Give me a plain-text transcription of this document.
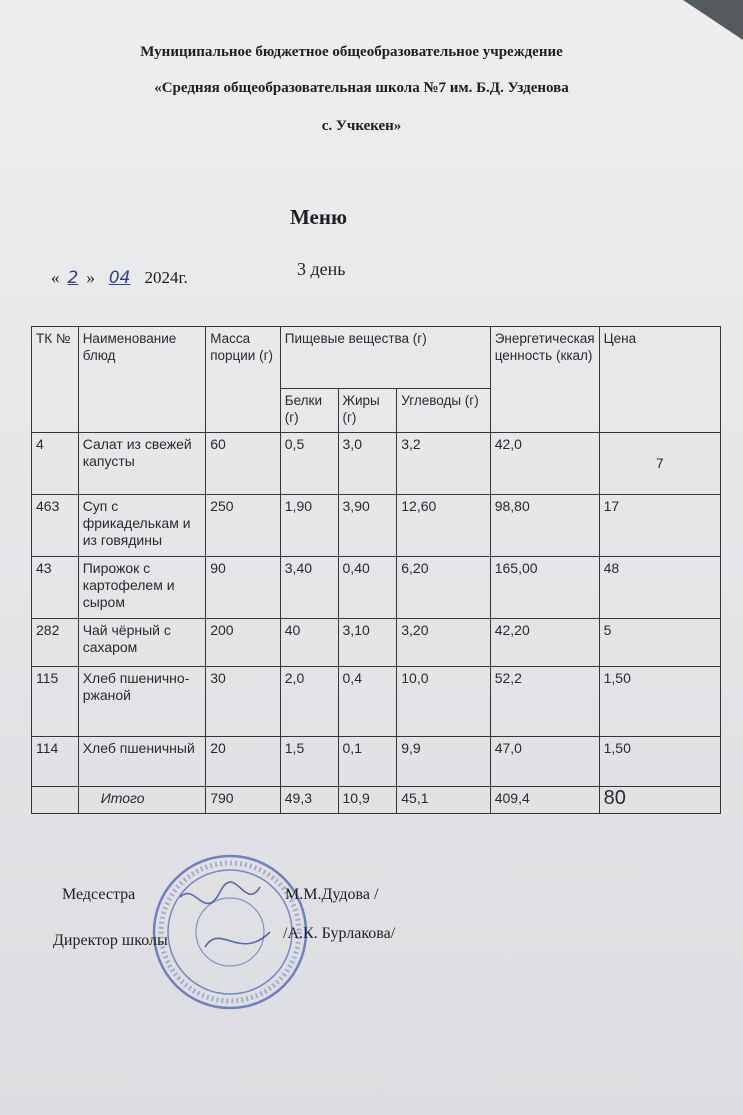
Муниципальное бюджетное общеобразовательное учреждение
«Средняя общеобразовательная школа №7 им. Б.Д. Узденова
с. Учкекен»
Меню
3 день
« 2 » 04 2024г.
ТК №	Наименование блюд	Масса порции (г)	Пищевые вещества (г)			Энергетическая ценность (ккал)	Цена
			Белки (г)	Жиры (г)	Углеводы (г)		
4	Салат из свежей капусты	60	0,5	3,0	3,2	42,0	7
463	Суп с фрикаделькам и из говядины	250	1,90	3,90	12,60	98,80	17
43	Пирожок с картофелем и сыром	90	3,40	0,40	6,20	165,00	48
282	Чай чёрный с сахаром	200	40	3,10	3,20	42,20	5
115	Хлеб пшенично-ржаной	30	2,0	0,4	10,0	52,2	1,50
114	Хлеб пшеничный	20	1,5	0,1	9,9	47,0	1,50
	Итого	790	49,3	10,9	45,1	409,4	80
Медсестра	М.М.Дудова /
Директор школы	/А.К. Бурлакова/
